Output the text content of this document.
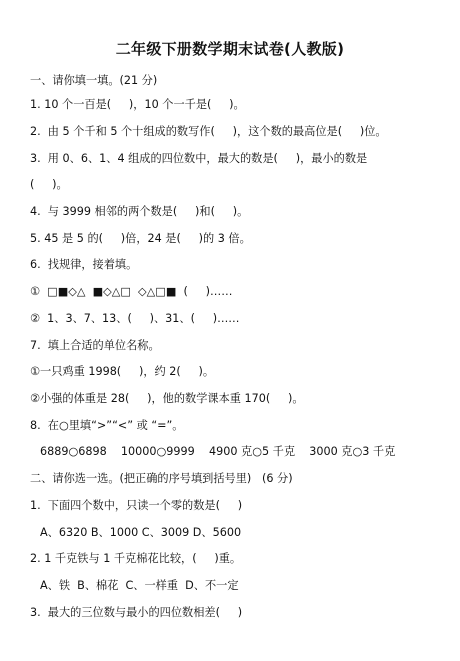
二年级下册数学期末试卷(人教版)
一、请你填一填。(21 分)
1. 10 个一百是(     )，10 个一千是(     )。
2.  由 5 个千和 5 个十组成的数写作(     )，这个数的最高位是(     )位。
3.  用 0、6、1、4 组成的四位数中，最大的数是(     )，最小的数是
(     )。
4.  与 3999 相邻的两个数是(     )和(     )。
5. 45 是 5 的(     )倍，24 是(     )的 3 倍。
6.  找规律，接着填。
①  □■◇△  ■◇△□  ◇△□■  (     )……
②  1、3、7、13、(     )、31、(     )……
7.  填上合适的单位名称。
①一只鸡重 1998(     )，约 2(     )。
②小强的体重是 28(     )，他的数学课本重 170(     )。
8.  在○里填“>”“<” 或 “=”。
6889○6898    10000○9999    4900 克○5 千克    3000 克○3 千克
二、请你选一选。(把正确的序号填到括号里)   (6 分)
1.  下面四个数中，只读一个零的数是(     )
A、6320 B、1000 C、3009 D、5600
2. 1 千克铁与 1 千克棉花比较，(     )重。
A、铁  B、棉花  C、一样重  D、不一定
3.  最大的三位数与最小的四位数相差(     )
